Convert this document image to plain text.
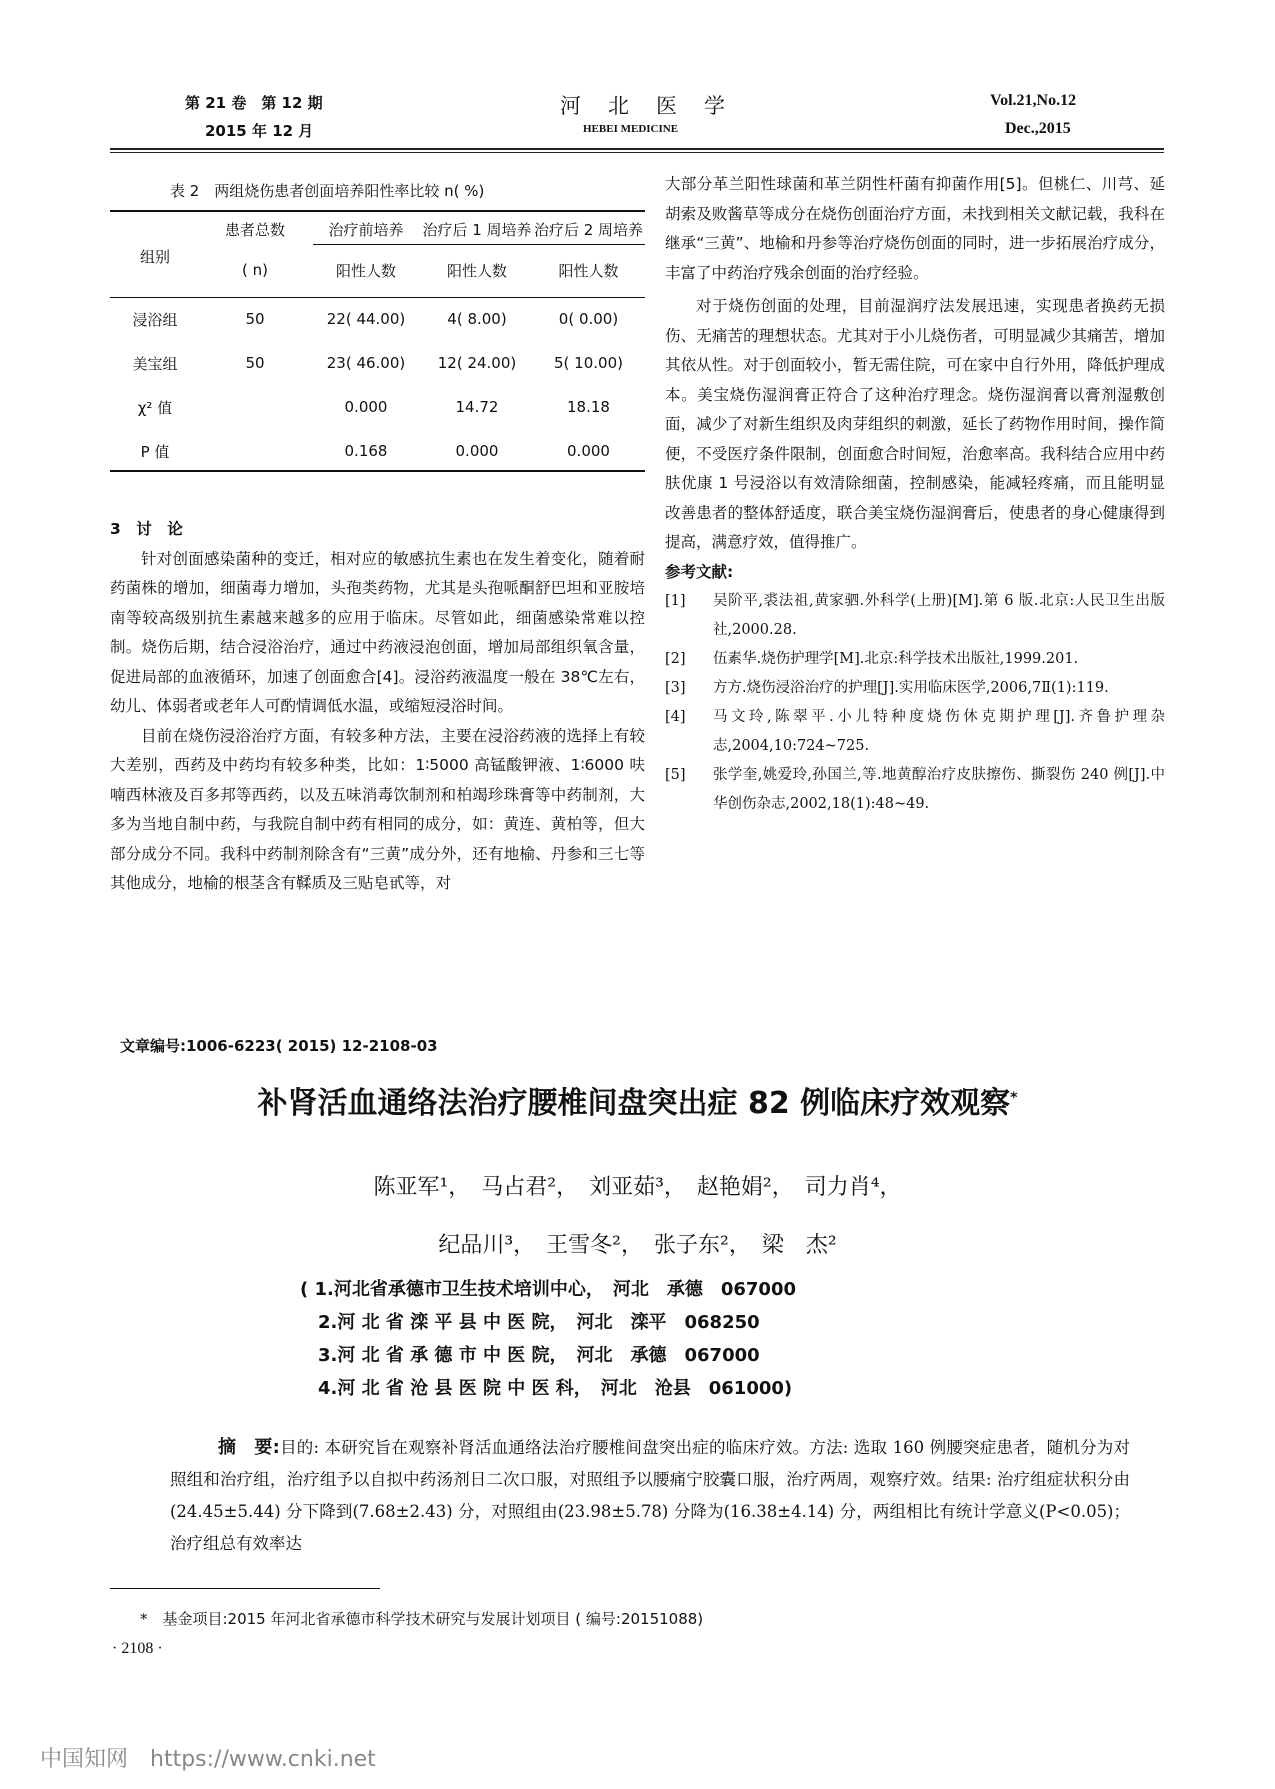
第 21 卷　第 12 期
2015 年 12 月
河　北　医　学
HEBEI MEDICINE
Vol.21,No.12
Dec.,2015
表 2　两组烧伤患者创面培养阳性率比较 n( %)
组别	患者总数	治疗前培养	治疗后 1 周培养	治疗后 2 周培养
	( n)	阳性人数	阳性人数	阳性人数
浸浴组	50	22( 44.00)	4( 8.00)	0( 0.00)
美宝组	50	23( 46.00)	12( 24.00)	5( 10.00)
χ² 值		0.000	14.72	18.18
P 值		0.168	0.000	0.000

3　讨　论

针对创面感染菌种的变迁，相对应的敏感抗生素也在发生着变化，随着耐药菌株的增加，细菌毒力增加，头孢类药物，尤其是头孢哌酮舒巴坦和亚胺培南等较高级别抗生素越来越多的应用于临床。尽管如此，细菌感染常难以控制。烧伤后期，结合浸浴治疗，通过中药液浸泡创面，增加局部组织氧含量，促进局部的血液循环，加速了创面愈合[4]。浸浴药液温度一般在 38℃左右，幼儿、体弱者或老年人可酌情调低水温，或缩短浸浴时间。

目前在烧伤浸浴治疗方面，有较多种方法，主要在浸浴药液的选择上有较大差别，西药及中药均有较多种类，比如：1∶5000 高锰酸钾液、1∶6000 呋喃西林液及百多邦等西药，以及五味消毒饮制剂和柏竭珍珠膏等中药制剂，大多为当地自制中药，与我院自制中药有相同的成分，如：黄连、黄柏等，但大部分成分不同。我科中药制剂除含有“三黄”成分外，还有地榆、丹参和三七等其他成分，地榆的根茎含有鞣质及三贴皂甙等，对

大部分革兰阳性球菌和革兰阴性杆菌有抑菌作用[5]。但桃仁、川芎、延胡索及败酱草等成分在烧伤创面治疗方面，未找到相关文献记载，我科在继承“三黄”、地榆和丹参等治疗烧伤创面的同时，进一步拓展治疗成分，丰富了中药治疗残余创面的治疗经验。

对于烧伤创面的处理，目前湿润疗法发展迅速，实现患者换药无损伤、无痛苦的理想状态。尤其对于小儿烧伤者，可明显减少其痛苦，增加其依从性。对于创面较小，暂无需住院，可在家中自行外用，降低护理成本。美宝烧伤湿润膏正符合了这种治疗理念。烧伤湿润膏以膏剂湿敷创面，减少了对新生组织及肉芽组织的刺激，延长了药物作用时间，操作简便，不受医疗条件限制，创面愈合时间短，治愈率高。我科结合应用中药肤优康 1 号浸浴以有效清除细菌，控制感染，能减轻疼痛，而且能明显改善患者的整体舒适度，联合美宝烧伤湿润膏后，使患者的身心健康得到提高，满意疗效，值得推广。

参考文献:

[1]	吴阶平,裘法祖,黄家驷.外科学(上册)[M].第 6 版.北京:人民卫生出版社,2000.28.
[2]	伍素华.烧伤护理学[M].北京:科学技术出版社,1999.201.
[3]	方方.烧伤浸浴治疗的护理[J].实用临床医学,2006,7Ⅱ(1):119.
[4]	马文玲,陈翠平.小儿特种度烧伤休克期护理[J].齐鲁护理杂志,2004,10:724~725.
[5]	张学奎,姚爱玲,孙国兰,等.地黄醇治疗皮肤擦伤、撕裂伤 240 例[J].中华创伤杂志,2002,18(1):48~49.
文章编号:1006-6223( 2015) 12-2108-03
补肾活血通络法治疗腰椎间盘突出症 82 例临床疗效观察*
陈亚军¹，　马占君²，　刘亚茹³，　赵艳娟²，　司力肖⁴，
纪品川³，　王雪冬²，　张子东²，　梁　杰²
( 1.河北省承德市卫生技术培训中心，　河北　承德　067000
2.河 北 省 滦 平 县 中 医 院，　河北　滦平　068250
3.河 北 省 承 德 市 中 医 院，　河北　承德　067000
4.河 北 省 沧 县 医 院 中 医 科，　河北　沧县　061000)
摘　要:目的: 本研究旨在观察补肾活血通络法治疗腰椎间盘突出症的临床疗效。方法: 选取 160 例腰突症患者，随机分为对照组和治疗组，治疗组予以自拟中药汤剂日二次口服，对照组予以腰痛宁胶囊口服，治疗两周，观察疗效。结果: 治疗组症状积分由(24.45±5.44) 分下降到(7.68±2.43) 分，对照组由(23.98±5.78) 分降为(16.38±4.14) 分，两组相比有统计学意义(P<0.05)；治疗组总有效率达
*　基金项目:2015 年河北省承德市科学技术研究与发展计划项目 ( 编号:20151088)
· 2108 ·
中国知网　https://www.cnki.net
